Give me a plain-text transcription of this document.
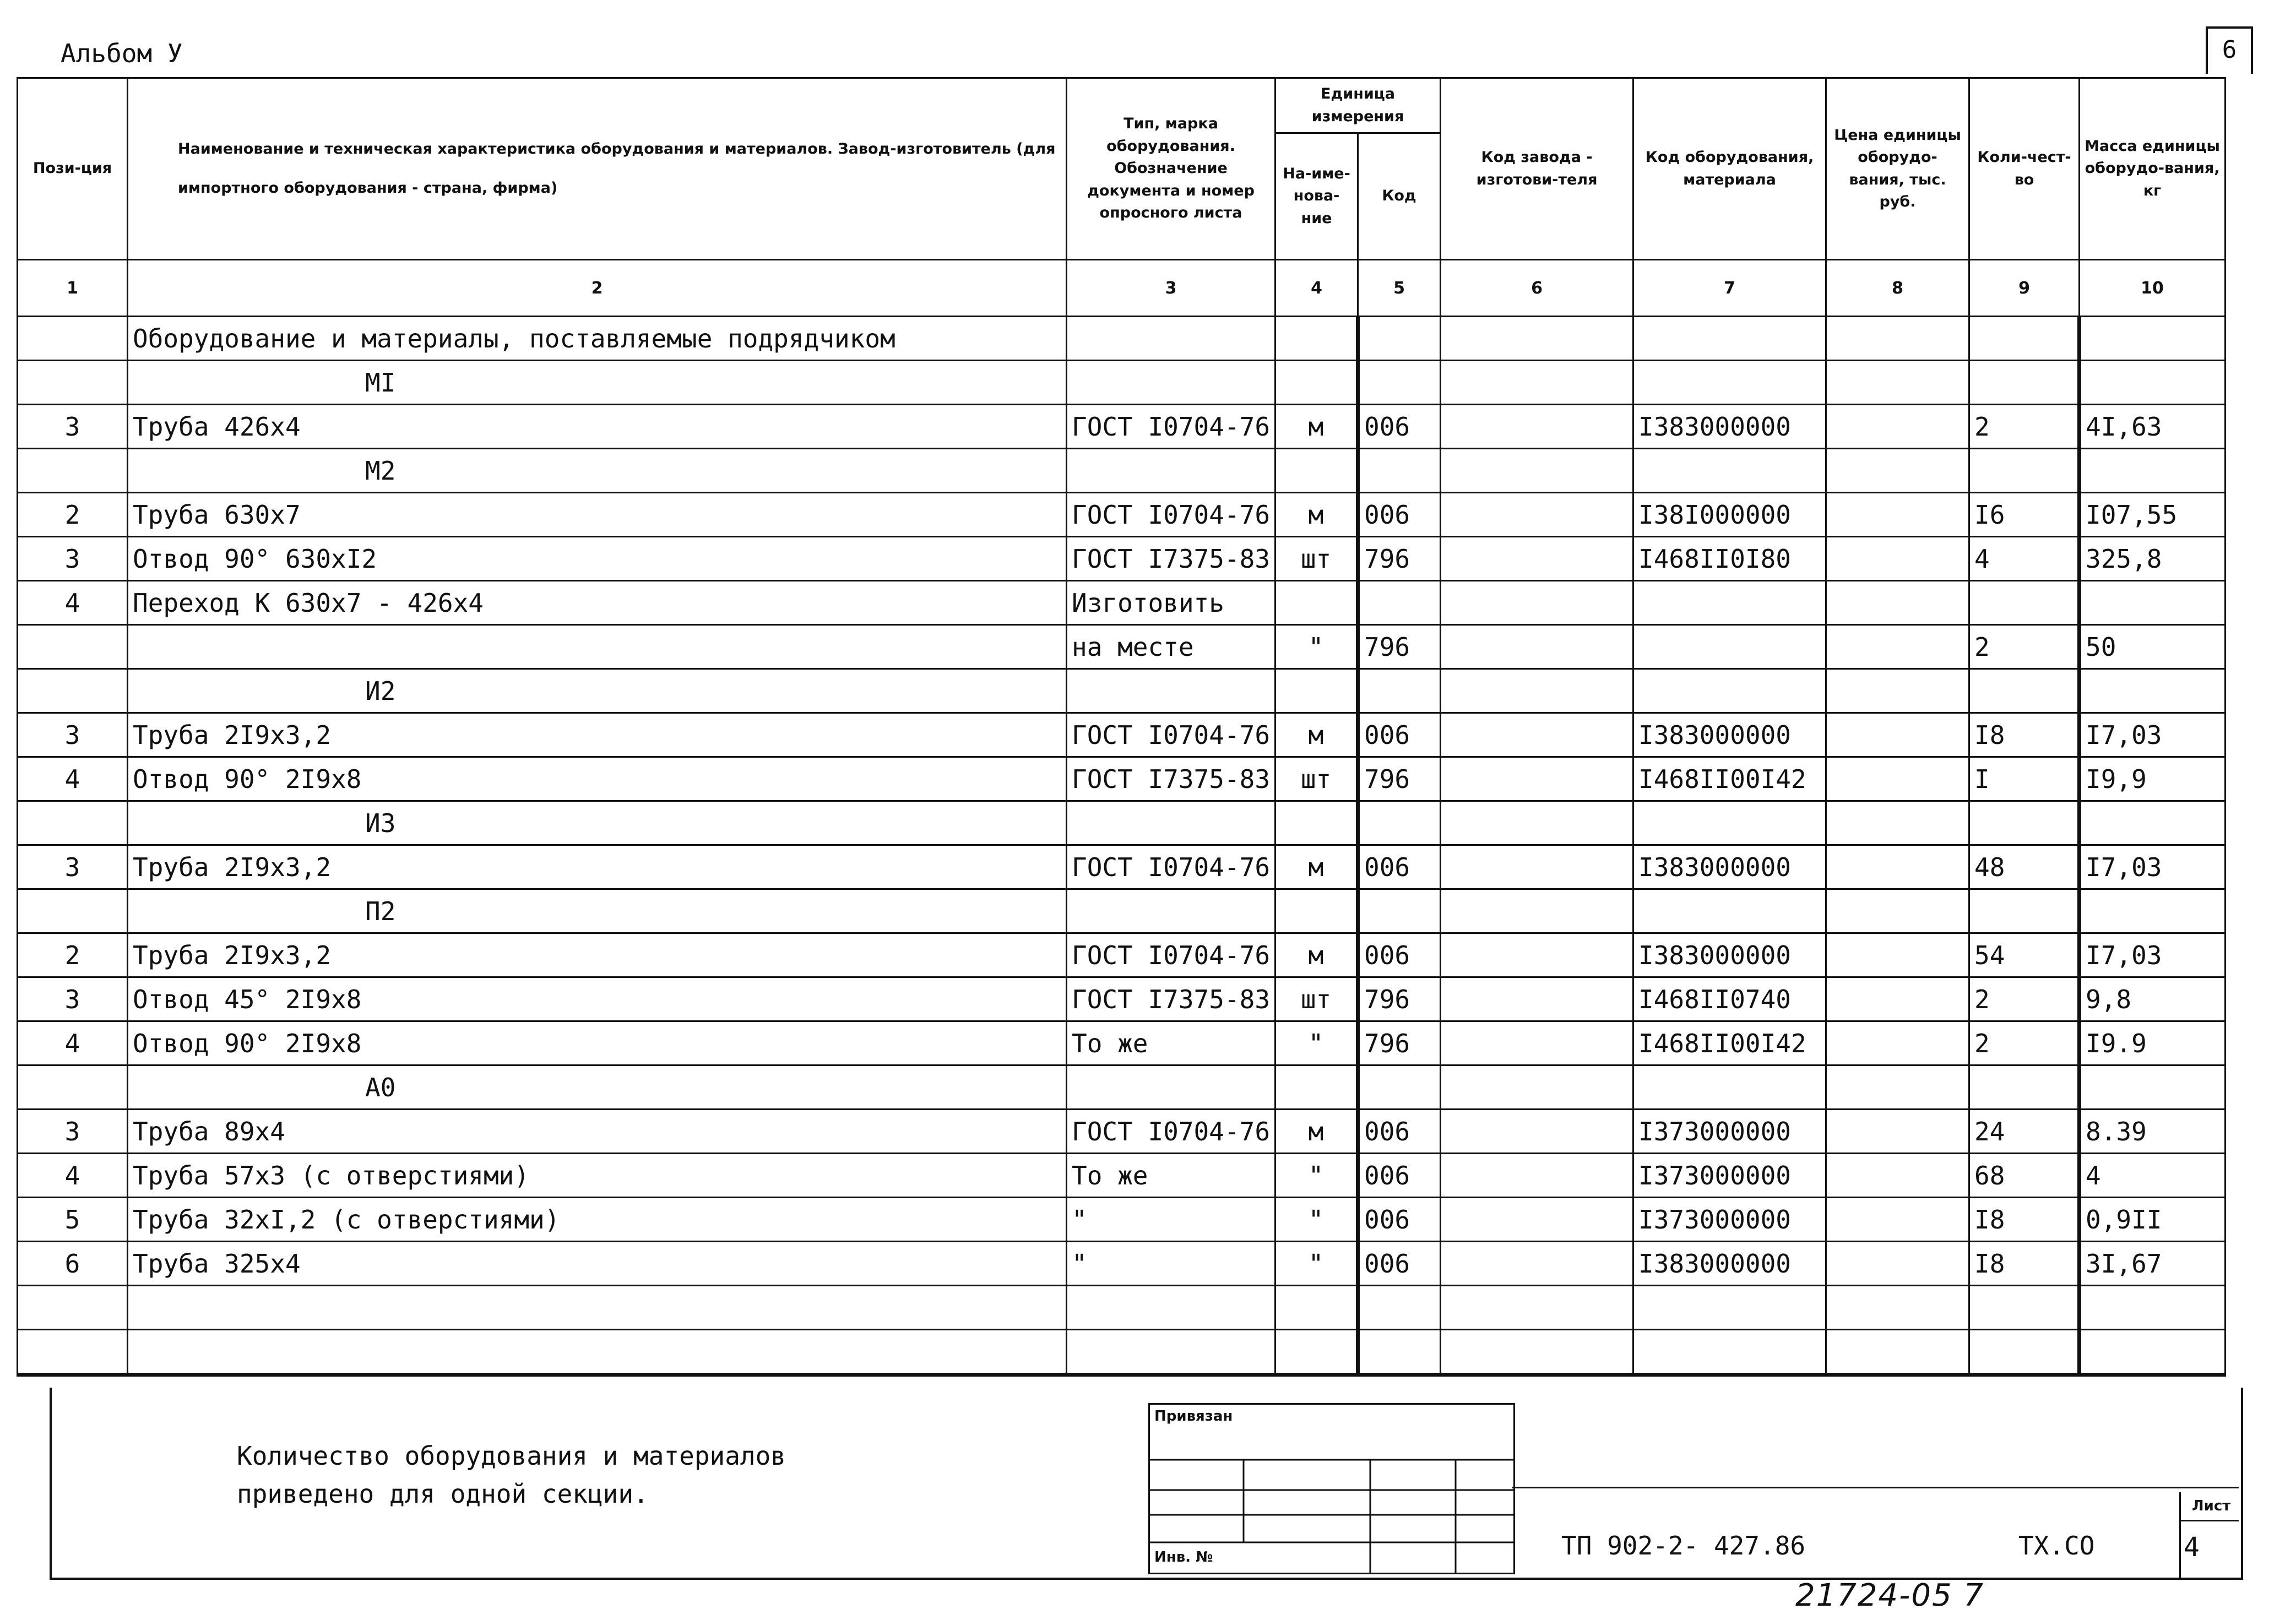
Альбом У	6
Пози-ция	Наименование и техническая характеристика оборудования и материалов. Завод-изготовитель (для импортного оборудования - страна, фирма)	Тип, марка оборудования. Обозначение документа и номер опросного листа	Единица измерения		Код завода - изготови-теля	Код оборудования, материала	Цена единицы оборудо-вания, тыс. руб.	Коли-чест-во	Масса единицы оборудо-вания, кг
			На-име-нова-ние	Код					
1	2	3	4	5	6	7	8	9	10
	Оборудование и материалы, поставляемые подрядчиком								
	МI								
3	Труба 426х4	ГОСТ I0704-76	м	006		I383000000		2	4I,63
	М2								
2	Труба 630х7	ГОСТ I0704-76	м	006		I38I000000		I6	I07,55
3	Отвод 90° 630хI2	ГОСТ I7375-83	шт	796		I468II0I80		4	325,8
4	Переход К 630х7 - 426х4	Изготовить							
		на месте	"	796				2	50
	И2								
3	Труба 2I9х3,2	ГОСТ I0704-76	м	006		I383000000		I8	I7,03
4	Отвод 90° 2I9х8	ГОСТ I7375-83	шт	796		I468II00I42		I	I9,9
	И3								
3	Труба 2I9х3,2	ГОСТ I0704-76	м	006		I383000000		48	I7,03
	П2								
2	Труба 2I9х3,2	ГОСТ I0704-76	м	006		I383000000		54	I7,03
3	Отвод 45° 2I9х8	ГОСТ I7375-83	шт	796		I468II0740		2	9,8
4	Отвод 90° 2I9х8	То же	"	796		I468II00I42		2	I9.9
	А0								
3	Труба 89х4	ГОСТ I0704-76	м	006		I373000000		24	8.39
4	Труба 57х3 (с отверстиями)	То же	"	006		I373000000		68	4
5	Труба 32хI,2 (с отверстиями)	"	"	006		I373000000		I8	0,9II
6	Труба 325х4	"	"	006		I383000000		I8	3I,67

Количество оборудования и материалов
приведено для одной секции.
Привязан
Инв. №	ТП 902-2- 427.86	ТХ.СО
Лист
4
21724-05 7
